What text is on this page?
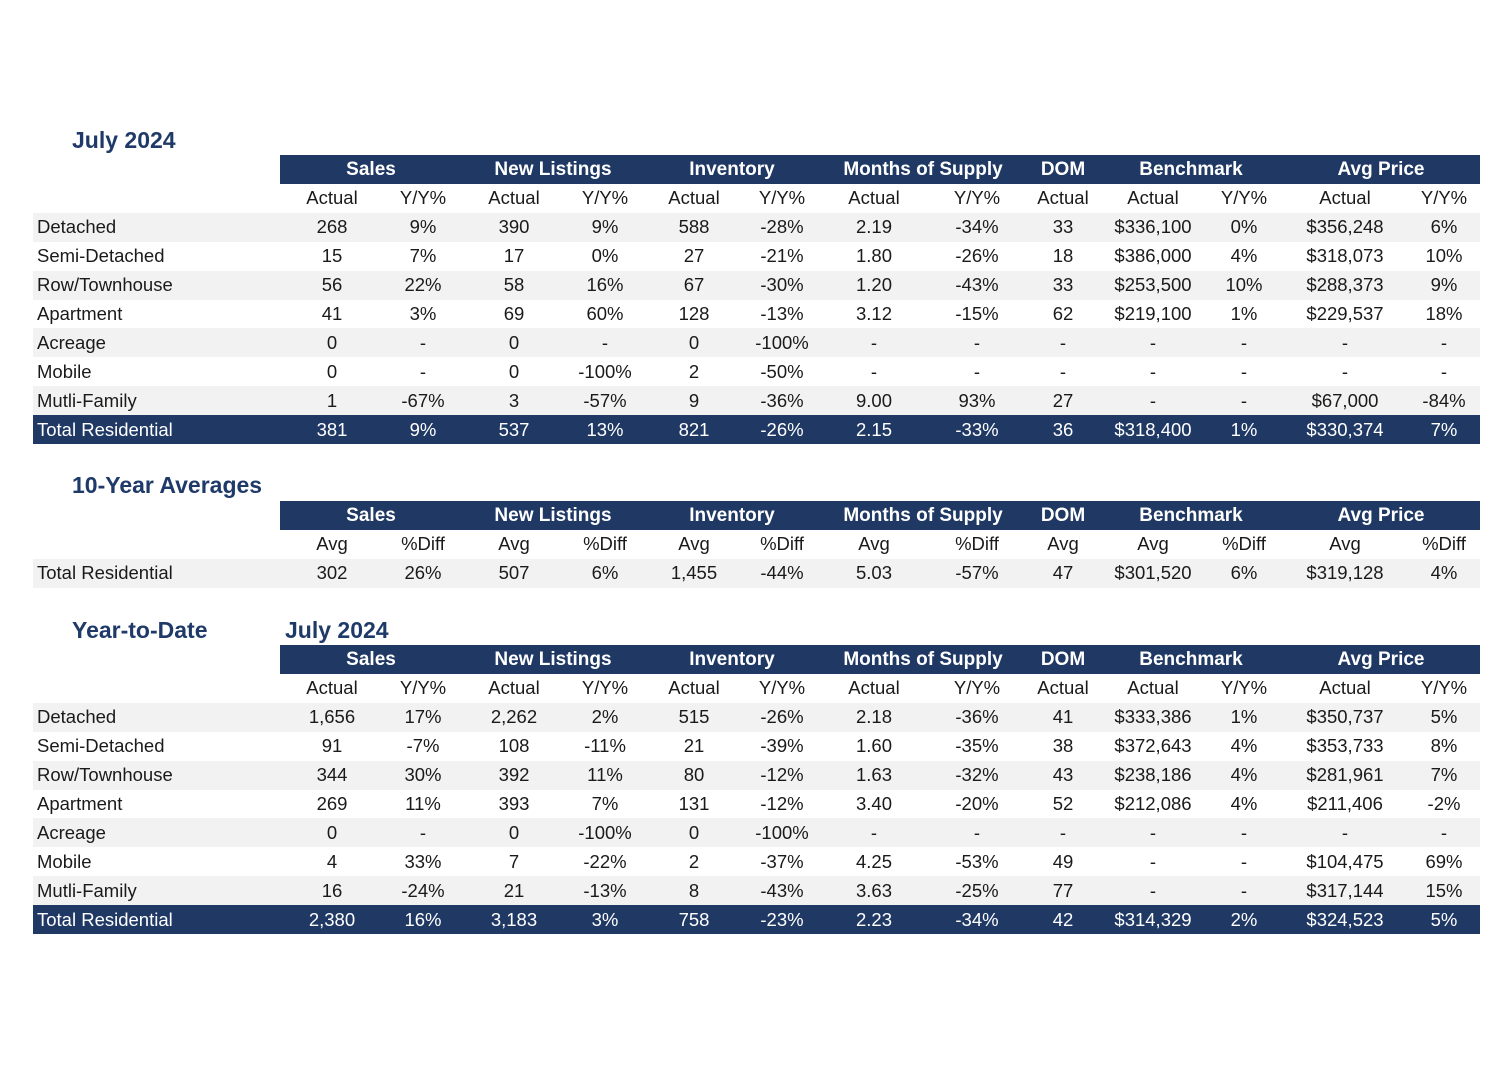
July 2024
10-Year Averages
Year-to-Date	July 2024
	Sales		New Listings		Inventory		Months of Supply		DOM	Benchmark		Avg Price	
	Actual	Y/Y%	Actual	Y/Y%	Actual	Y/Y%	Actual	Y/Y%	Actual	Actual	Y/Y%	Actual	Y/Y%
Detached	268	9%	390	9%	588	-28%	2.19	-34%	33	$336,100	0%	$356,248	6%
Semi-Detached	15	7%	17	0%	27	-21%	1.80	-26%	18	$386,000	4%	$318,073	10%
Row/Townhouse	56	22%	58	16%	67	-30%	1.20	-43%	33	$253,500	10%	$288,373	9%
Apartment	41	3%	69	60%	128	-13%	3.12	-15%	62	$219,100	1%	$229,537	18%
Acreage	0	-	0	-	0	-100%	-	-	-	-	-	-	-
Mobile	0	-	0	-100%	2	-50%	-	-	-	-	-	-	-
Mutli-Family	1	-67%	3	-57%	9	-36%	9.00	93%	27	-	-	$67,000	-84%
Total Residential	381	9%	537	13%	821	-26%	2.15	-33%	36	$318,400	1%	$330,374	7%
	Sales		New Listings		Inventory		Months of Supply		DOM	Benchmark		Avg Price	
	Avg	%Diff	Avg	%Diff	Avg	%Diff	Avg	%Diff	Avg	Avg	%Diff	Avg	%Diff
Total Residential	302	26%	507	6%	1,455	-44%	5.03	-57%	47	$301,520	6%	$319,128	4%
	Sales		New Listings		Inventory		Months of Supply		DOM	Benchmark		Avg Price	
	Actual	Y/Y%	Actual	Y/Y%	Actual	Y/Y%	Actual	Y/Y%	Actual	Actual	Y/Y%	Actual	Y/Y%
Detached	1,656	17%	2,262	2%	515	-26%	2.18	-36%	41	$333,386	1%	$350,737	5%
Semi-Detached	91	-7%	108	-11%	21	-39%	1.60	-35%	38	$372,643	4%	$353,733	8%
Row/Townhouse	344	30%	392	11%	80	-12%	1.63	-32%	43	$238,186	4%	$281,961	7%
Apartment	269	11%	393	7%	131	-12%	3.40	-20%	52	$212,086	4%	$211,406	-2%
Acreage	0	-	0	-100%	0	-100%	-	-	-	-	-	-	-
Mobile	4	33%	7	-22%	2	-37%	4.25	-53%	49	-	-	$104,475	69%
Mutli-Family	16	-24%	21	-13%	8	-43%	3.63	-25%	77	-	-	$317,144	15%
Total Residential	2,380	16%	3,183	3%	758	-23%	2.23	-34%	42	$314,329	2%	$324,523	5%
